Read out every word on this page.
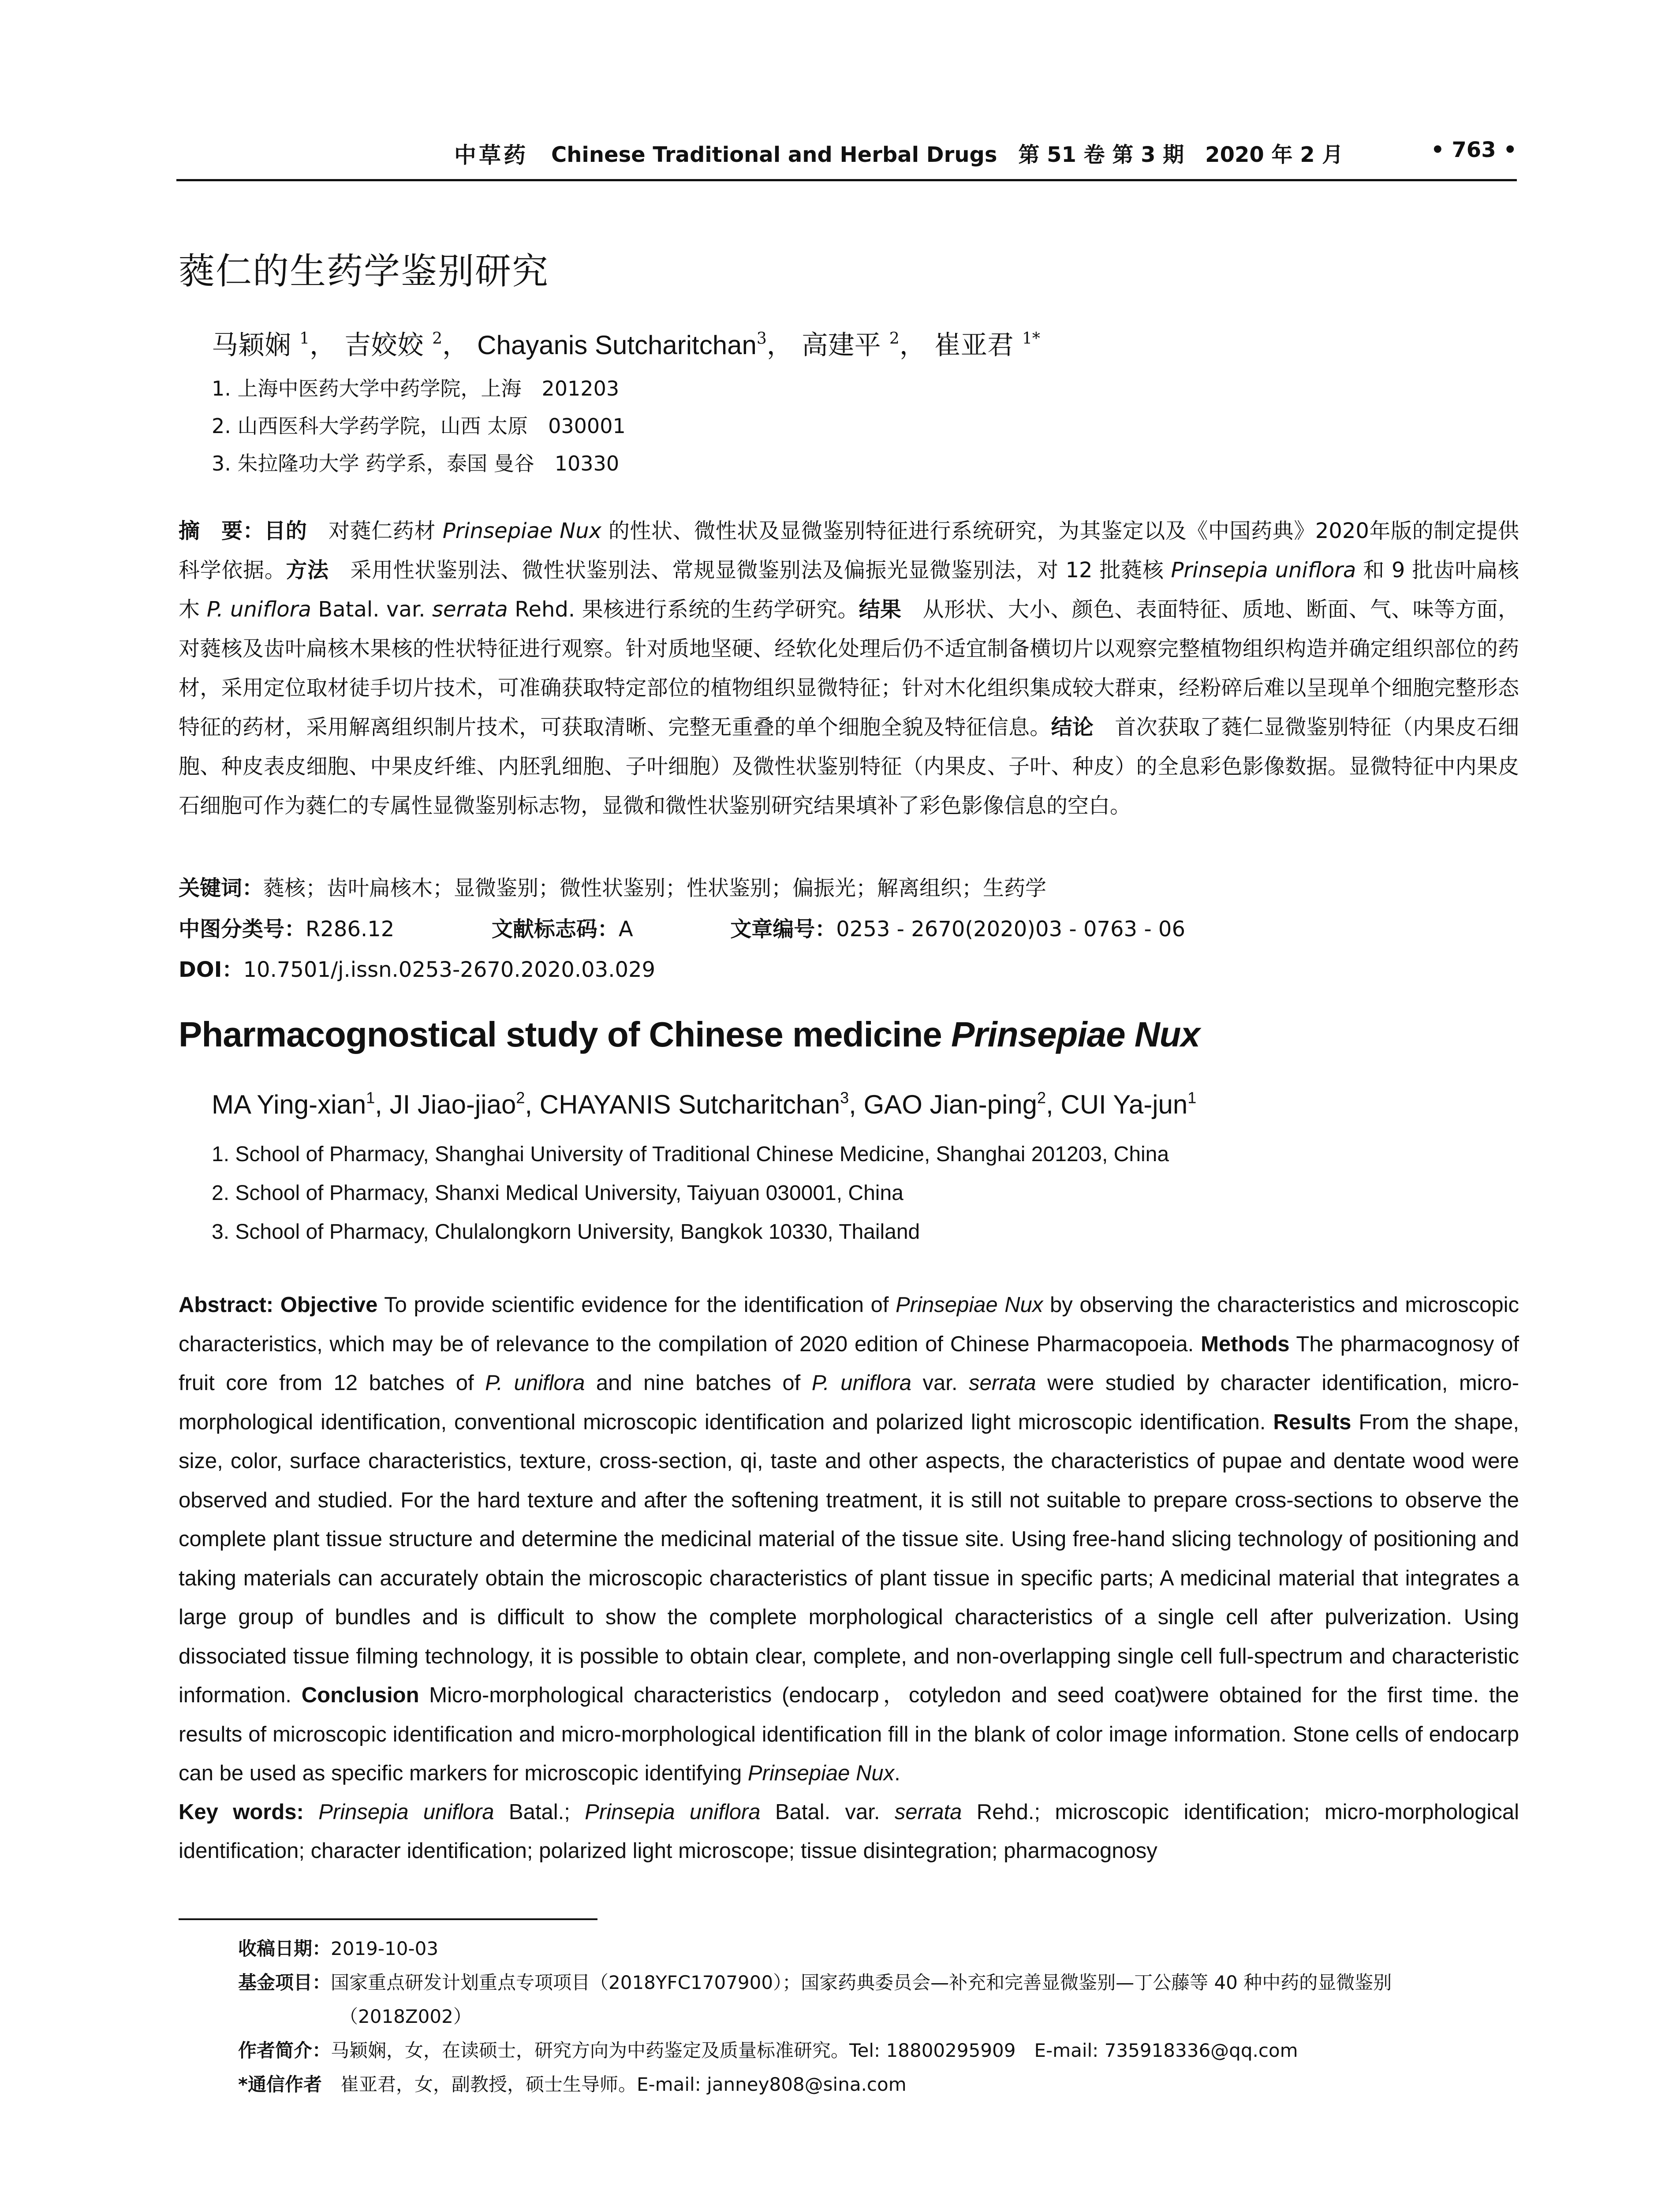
中草药 Chinese Traditional and Herbal Drugs　第 51 卷 第 3 期　2020 年 2 月	• 763 •
蕤仁的生药学鉴别研究
马颖娴 $^1$， 吉姣姣 $^2$， Chayanis Sutcharitchan$^3$， 高建平 $^2$， 崔亚君 $^{1*}$
1. 上海中医药大学中药学院，上海　201203
2. 山西医科大学药学院，山西 太原　030001
3. 朱拉隆功大学 药学系，泰国 曼谷　10330
摘　要：目的　对蕤仁药材 Prinsepiae Nux 的性状、微性状及显微鉴别特征进行系统研究，为其鉴定以及《中国药典》2020年版的制定提供科学依据。方法　采用性状鉴别法、微性状鉴别法、常规显微鉴别法及偏振光显微鉴别法，对 12 批蕤核 Prinsepia uniflora 和 9 批齿叶扁核木 P. uniflora Batal. var. serrata Rehd. 果核进行系统的生药学研究。结果　从形状、大小、颜色、表面特征、质地、断面、气、味等方面，对蕤核及齿叶扁核木果核的性状特征进行观察。针对质地坚硬、经软化处理后仍不适宜制备横切片以观察完整植物组织构造并确定组织部位的药材，采用定位取材徒手切片技术，可准确获取特定部位的植物组织显微特征；针对木化组织集成较大群束，经粉碎后难以呈现单个细胞完整形态特征的药材，采用解离组织制片技术，可获取清晰、完整无重叠的单个细胞全貌及特征信息。结论　首次获取了蕤仁显微鉴别特征（内果皮石细胞、种皮表皮细胞、中果皮纤维、内胚乳细胞、子叶细胞）及微性状鉴别特征（内果皮、子叶、种皮）的全息彩色影像数据。显微特征中内果皮石细胞可作为蕤仁的专属性显微鉴别标志物，显微和微性状鉴别研究结果填补了彩色影像信息的空白。
关键词：蕤核；齿叶扁核木；显微鉴别；微性状鉴别；性状鉴别；偏振光；解离组织；生药学
中图分类号：R286.12	文献标志码：A	文章编号：0253 - 2670(2020)03 - 0763 - 06
DOI：10.7501/j.issn.0253-2670.2020.03.029
Pharmacognostical study of Chinese medicine Prinsepiae Nux
MA Ying-xian$^1$, JI Jiao-jiao$^2$, CHAYANIS Sutcharitchan$^3$, GAO Jian-ping$^2$, CUI Ya-jun$^1$
1. School of Pharmacy, Shanghai University of Traditional Chinese Medicine, Shanghai 201203, China
2. School of Pharmacy, Shanxi Medical University, Taiyuan 030001, China
3. School of Pharmacy, Chulalongkorn University, Bangkok 10330, Thailand
Abstract: Objective To provide scientific evidence for the identification of Prinsepiae Nux by observing the characteristics and microscopic characteristics, which may be of relevance to the compilation of 2020 edition of Chinese Pharmacopoeia. Methods The pharmacognosy of fruit core from 12 batches of P. uniflora and nine batches of P. uniflora var. serrata were studied by character identification, micro-morphological identification, conventional microscopic identification and polarized light microscopic identification. Results From the shape, size, color, surface characteristics, texture, cross-section, qi, taste and other aspects, the characteristics of pupae and dentate wood were observed and studied. For the hard texture and after the softening treatment, it is still not suitable to prepare cross-sections to observe the complete plant tissue structure and determine the medicinal material of the tissue site. Using free-hand slicing technology of positioning and taking materials can accurately obtain the microscopic characteristics of plant tissue in specific parts; A medicinal material that integrates a large group of bundles and is difficult to show the complete morphological characteristics of a single cell after pulverization. Using dissociated tissue filming technology, it is possible to obtain clear, complete, and non-overlapping single cell full-spectrum and characteristic information. Conclusion Micro-morphological characteristics (endocarp，cotyledon and seed coat)were obtained for the first time. the results of microscopic identification and micro-morphological identification fill in the blank of color image information. Stone cells of endocarp can be used as specific markers for microscopic identifying Prinsepiae Nux.
Key words: Prinsepia uniflora Batal.; Prinsepia uniflora Batal. var. serrata Rehd.; microscopic identification; micro-morphological identification; character identification; polarized light microscope; tissue disintegration; pharmacognosy
收稿日期：2019-10-03
基金项目：国家重点研发计划重点专项项目（2018YFC1707900）；国家药典委员会—补充和完善显微鉴别—丁公藤等 40 种中药的显微鉴别
（2018Z002）
作者简介：马颖娴，女，在读硕士，研究方向为中药鉴定及质量标准研究。Tel: 18800295909　E-mail: 735918336@qq.com
*通信作者　崔亚君，女，副教授，硕士生导师。E-mail: janney808@sina.com
